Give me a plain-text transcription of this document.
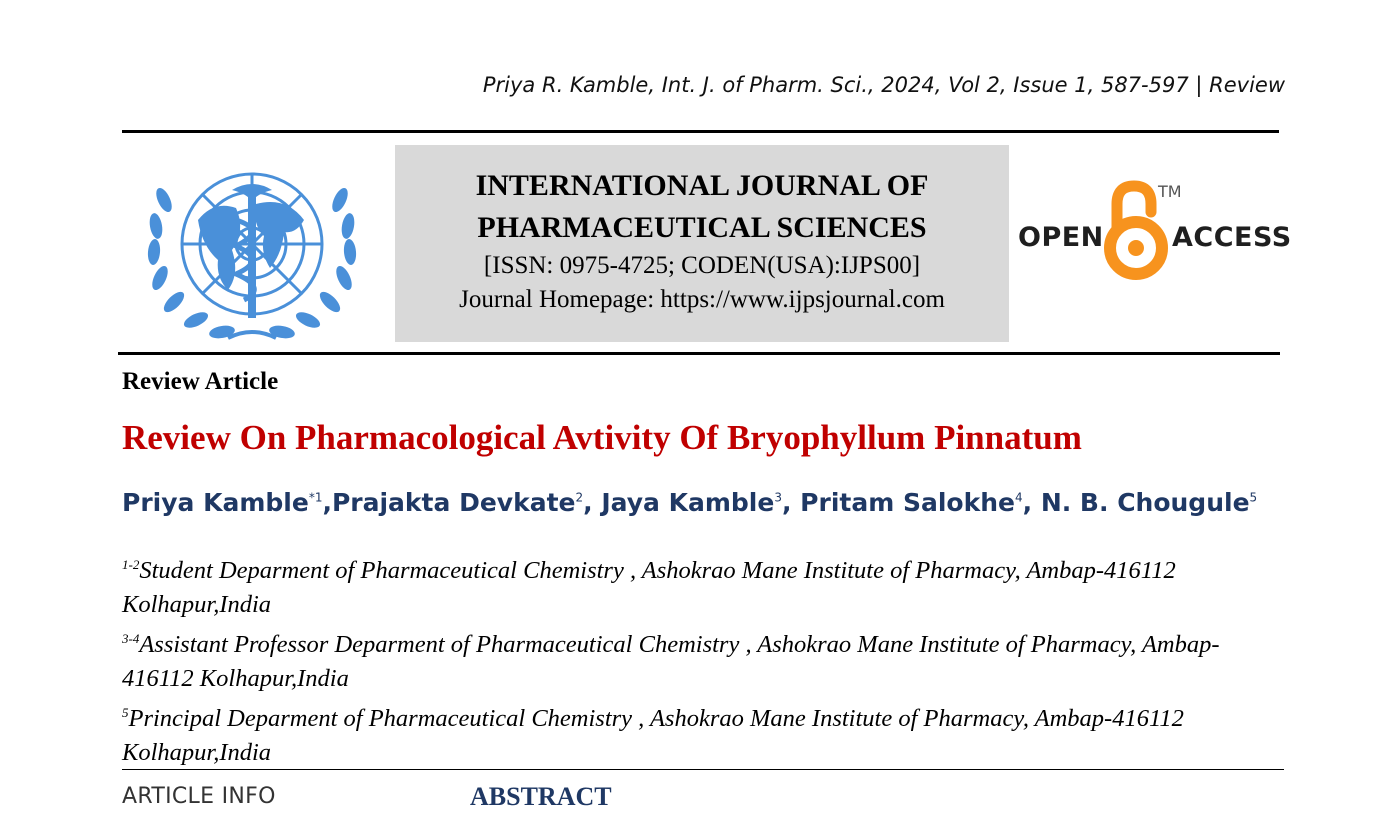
Priya R. Kamble, Int. J. of Pharm. Sci., 2024, Vol 2, Issue 1, 587-597 | Review
INTERNATIONAL JOURNAL OF
PHARMACEUTICAL SCIENCES
[ISSN: 0975-4725; CODEN(USA):IJPS00]
Journal Homepage: https://www.ijpsjournal.com
OPEN
TM
ACCESS
Review Article
Review On Pharmacological Avtivity Of Bryophyllum Pinnatum
Priya Kamble$^{*1}$,Prajakta Devkate$^2$, Jaya Kamble$^3$, Pritam Salokhe$^4$, N. B. Chougule$^5$
$^{1-2}$Student Deparment of Pharmaceutical Chemistry , Ashokrao Mane Institute of Pharmacy, Ambap-416112 Kolhapur,India
$^{3-4}$Assistant Professor Deparment of Pharmaceutical Chemistry , Ashokrao Mane Institute of Pharmacy, Ambap-416112 Kolhapur,India
$^5$Principal Deparment of Pharmaceutical Chemistry , Ashokrao Mane Institute of Pharmacy, Ambap-416112 Kolhapur,India
ARTICLE INFO	ABSTRACT
